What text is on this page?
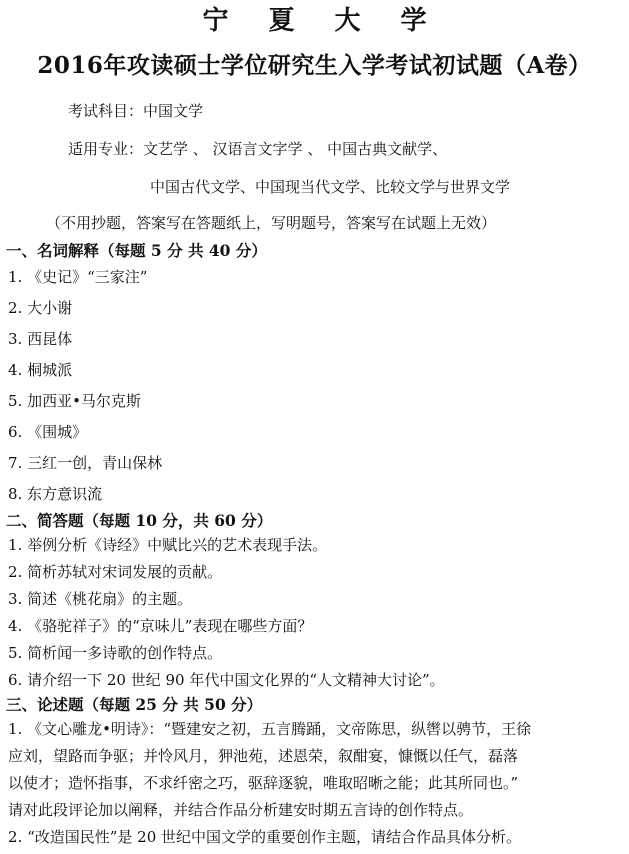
宁夏大学
2016年攻读硕士学位研究生入学考试初试题（A卷）
考试科目：中国文学
适用专业：文艺学 、 汉语言文字学 、 中国古典文献学、
中国古代文学、中国现当代文学、比较文学与世界文学
（不用抄题，答案写在答题纸上，写明题号，答案写在试题上无效）
一、名词解释（每题 5 分 共 40 分）
1. 《史记》“三家注”
2. 大小谢
3. 西昆体
4. 桐城派
5. 加西亚•马尔克斯
6. 《围城》
7. 三红一创，青山保林
8. 东方意识流
二、简答题（每题 10 分，共 60 分）
1. 举例分析《诗经》中赋比兴的艺术表现手法。
2. 简析苏轼对宋词发展的贡献。
3. 简述《桃花扇》的主题。
4. 《骆驼祥子》的“京味儿”表现在哪些方面？
5. 简析闻一多诗歌的创作特点。
6. 请介绍一下 20 世纪 90 年代中国文化界的“人文精神大讨论”。
三、论述题（每题 25 分 共 50 分）
1. 《文心雕龙•明诗》：“暨建安之初，五言腾踊，文帝陈思，纵辔以骋节，王徐
应刘，望路而争驱；并怜风月，狎池苑，述恩荣，叙酣宴，慷慨以任气，磊落
以使才；造怀指事，不求纤密之巧，驱辞逐貌，唯取昭晰之能；此其所同也。”
请对此段评论加以阐释，并结合作品分析建安时期五言诗的创作特点。
2. “改造国民性”是 20 世纪中国文学的重要创作主题，请结合作品具体分析。
